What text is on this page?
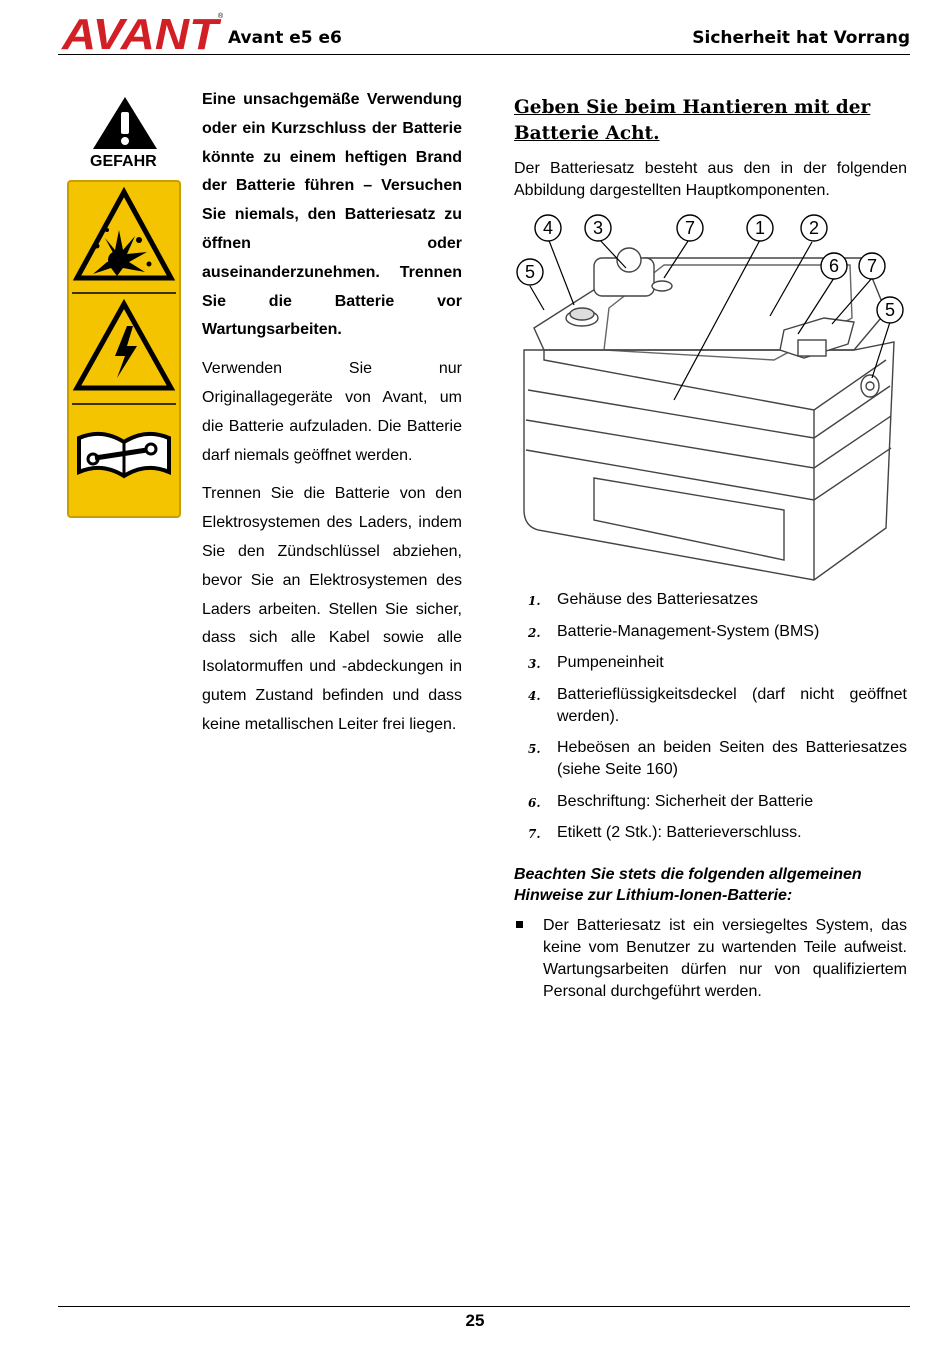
AVANT
®
Avant e5 e6	Sicherheit hat Vorrang
GEFAHR

Eine unsachgemäße Verwendung oder ein Kurzschluss der Batterie könnte zu einem heftigen Brand der Batterie führen – Versuchen Sie niemals, den Batteriesatz zu öffnen oder auseinanderzunehmen. Trennen Sie die Batterie vor Wartungsarbeiten.

Verwenden Sie nur Originallagegeräte von Avant, um die Batterie aufzuladen. Die Batterie darf niemals geöffnet werden.

Trennen Sie die Batterie von den Elektrosystemen des Laders, indem Sie den Zündschlüssel abziehen, bevor Sie an Elektrosystemen des Laders arbeiten. Stellen Sie sicher, dass sich alle Kabel sowie alle Isolatormuffen und -abdeckungen in gutem Zustand befinden und dass keine metallischen Leiter frei liegen.

Geben Sie beim Hantieren mit der Batterie Acht.

Der Batteriesatz besteht aus den in der folgenden Abbildung dargestellten Hauptkomponenten.

4 3	7	1 2
5	6 7
5
1. Gehäuse des Batteriesatzes
2. Batterie-Management-System (BMS)
3. Pumpeneinheit
4. Batterieflüssigkeitsdeckel (darf nicht geöffnet werden).
5. Hebeösen an beiden Seiten des Batteriesatzes (siehe Seite 160)
6. Beschriftung: Sicherheit der Batterie
7. Etikett (2 Stk.): Batterieverschluss.

Beachten Sie stets die folgenden allgemeinen Hinweise zur Lithium-Ionen-Batterie:

Der Batteriesatz ist ein versiegeltes System, das keine vom Benutzer zu wartenden Teile aufweist. Wartungsarbeiten dürfen nur von qualifiziertem Personal durchgeführt werden.
25
